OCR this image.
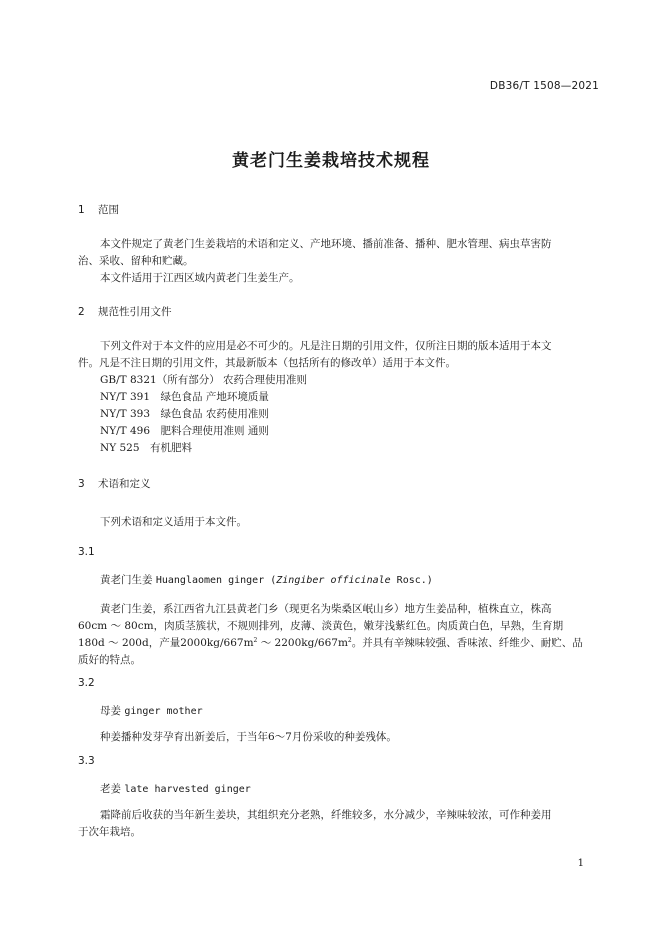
DB36/T 1508—2021
黄老门生姜栽培技术规程
1 范围
本文件规定了黄老门生姜栽培的术语和定义、产地环境、播前准备、播种、肥水管理、病虫草害防
治、采收、留种和贮藏。
本文件适用于江西区域内黄老门生姜生产。
2 规范性引用文件
下列文件对于本文件的应用是必不可少的。凡是注日期的引用文件，仅所注日期的版本适用于本文
件。凡是不注日期的引用文件，其最新版本（包括所有的修改单）适用于本文件。
GB/T 8321（所有部分） 农药合理使用准则
NY/T 391　绿色食品 产地环境质量
NY/T 393　绿色食品 农药使用准则
NY/T 496　肥料合理使用准则 通则
NY 525　有机肥料
3 术语和定义
下列术语和定义适用于本文件。
3.1
黄老门生姜 Huanglaomen ginger (Zingiber officinale Rosc.)
黄老门生姜，系江西省九江县黄老门乡（现更名为柴桑区岷山乡）地方生姜品种，植株直立，株高
60cm ～ 80cm，肉质茎簇状，不规则排列，皮薄、淡黄色，嫩芽浅紫红色。肉质黄白色，早熟，生育期
180d ～ 200d，产量$2000kg/667m^2$ ～ $2200kg/667m^2$。并具有辛辣味较强、香味浓、纤维少、耐贮、品
质好的特点。
3.2
母姜 ginger mother
种姜播种发芽孕育出新姜后，于当年6～7月份采收的种姜残体。
3.3
老姜 late harvested ginger
霜降前后收获的当年新生姜块，其组织充分老熟，纤维较多，水分减少，辛辣味较浓，可作种姜用
于次年栽培。
1
